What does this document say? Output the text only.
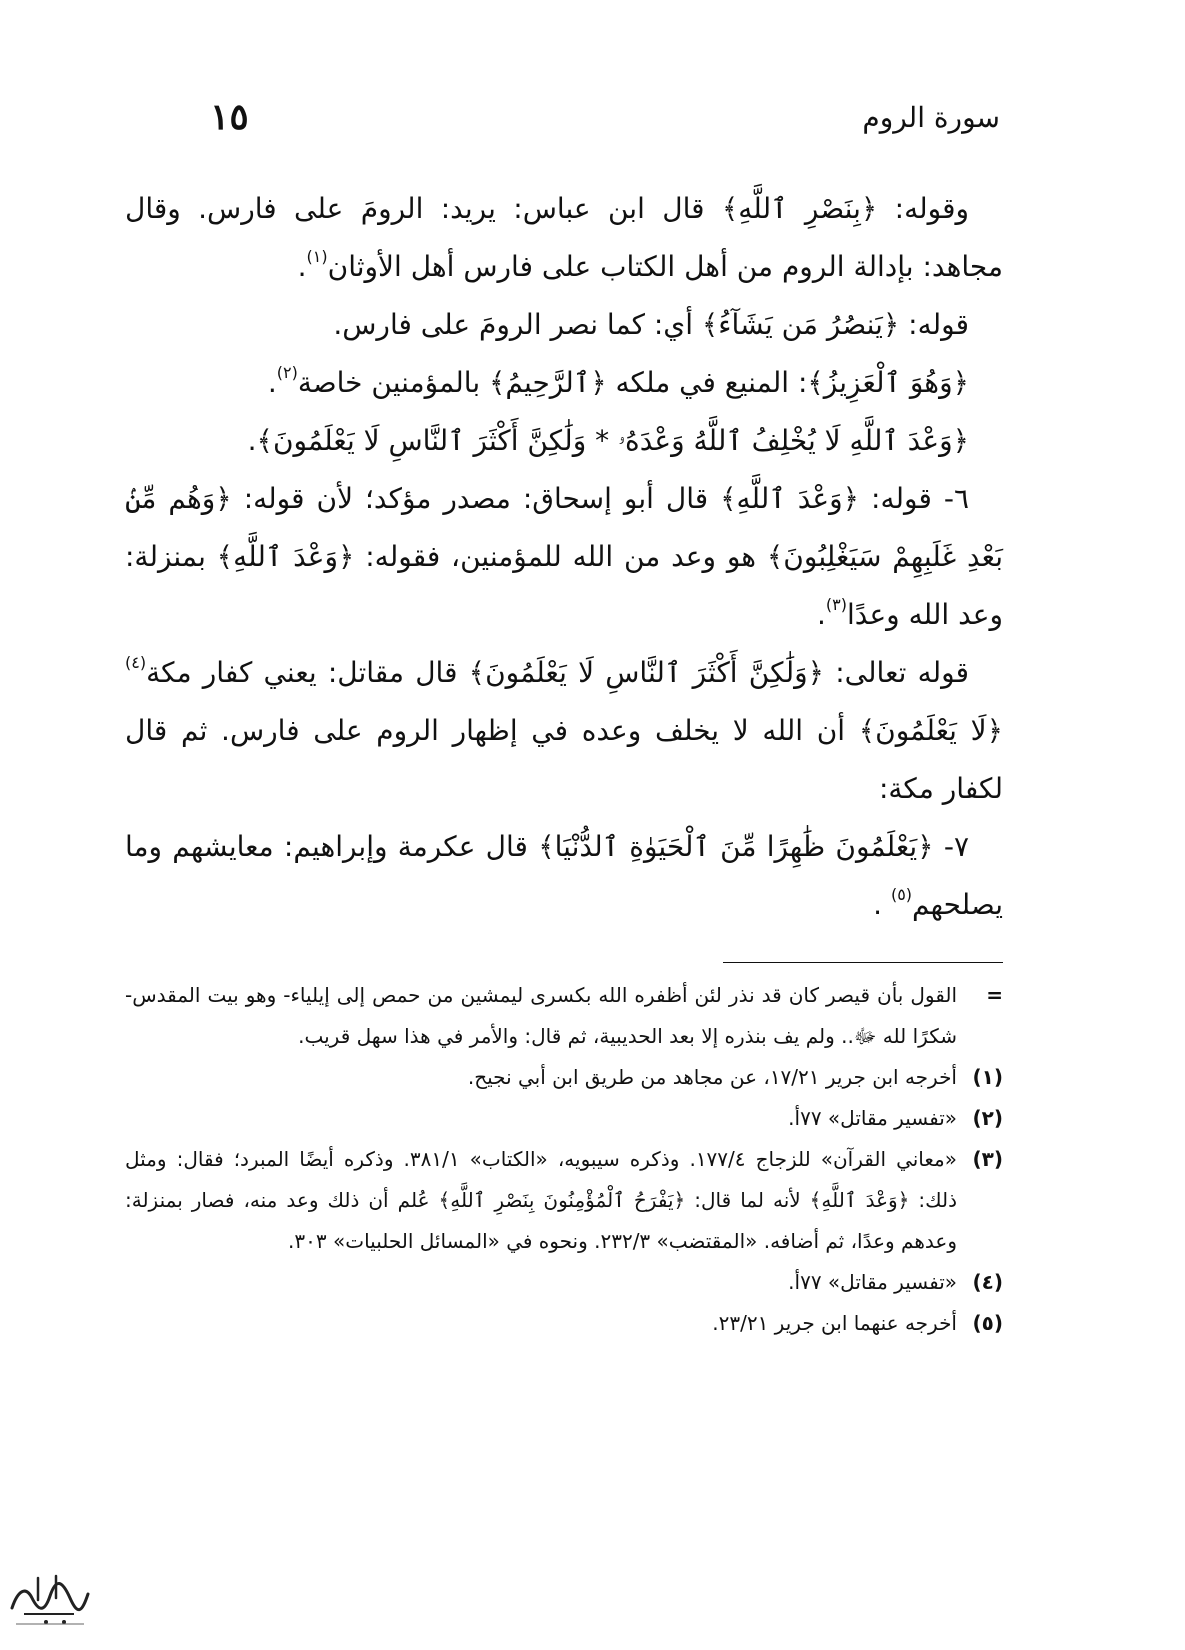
سورة الروم
١٥

وقوله: ﴿بِنَصْرِ ٱللَّهِ﴾ قال ابن عباس: يريد: الرومَ على فارس. وقال مجاهد: بإدالة الروم من أهل الكتاب على فارس أهل الأوثان$^{(١)}$.

قوله: ﴿يَنصُرُ مَن يَشَآءُ﴾ أي: كما نصر الرومَ على فارس.

﴿وَهُوَ ٱلْعَزِيزُ﴾: المنيع في ملكه ﴿ٱلرَّحِيمُ﴾ بالمؤمنين خاصة$^{(٢)}$.

﴿وَعْدَ ٱللَّهِ لَا يُخْلِفُ ٱللَّهُ وَعْدَهُۥ * وَلَٰكِنَّ أَكْثَرَ ٱلنَّاسِ لَا يَعْلَمُونَ﴾.

٦- قوله: ﴿وَعْدَ ٱللَّهِ﴾ قال أبو إسحاق: مصدر مؤكد؛ لأن قوله: ﴿وَهُم مِّنۢ بَعْدِ غَلَبِهِمْ سَيَغْلِبُونَ﴾ هو وعد من الله للمؤمنين، فقوله: ﴿وَعْدَ ٱللَّهِ﴾ بمنزلة: وعد الله وعدًا$^{(٣)}$.

قوله تعالى: ﴿وَلَٰكِنَّ أَكْثَرَ ٱلنَّاسِ لَا يَعْلَمُونَ﴾ قال مقاتل: يعني كفار مكة$^{(٤)}$ ﴿لَا يَعْلَمُونَ﴾ أن الله لا يخلف وعده في إظهار الروم على فارس. ثم قال لكفار مكة:

٧- ﴿يَعْلَمُونَ ظَٰهِرًا مِّنَ ٱلْحَيَوٰةِ ٱلدُّنْيَا﴾ قال عكرمة وإبراهيم: معايشهم وما يصلحهم$^{(٥)}$ .

=
القول بأن قيصر كان قد نذر لئن أظفره الله بكسرى ليمشين من حمص إلى إيلياء- وهو بيت المقدس- شكرًا لله ﷻ.. ولم يف بنذره إلا بعد الحديبية، ثم قال: والأمر في هذا سهل قريب.
(١)
أخرجه ابن جرير ١٧/٢١، عن مجاهد من طريق ابن أبي نجيح.
(٢)
«تفسير مقاتل» ٧٧أ.
(٣)
«معاني القرآن» للزجاج ١٧٧/٤. وذكره سيبويه، «الكتاب» ٣٨١/١. وذكره أيضًا المبرد؛ فقال: ومثل ذلك: ﴿وَعْدَ ٱللَّهِ﴾ لأنه لما قال: ﴿يَفْرَحُ ٱلْمُؤْمِنُونَ بِنَصْرِ ٱللَّهِ﴾ عُلم أن ذلك وعد منه، فصار بمنزلة: وعدهم وعدًا، ثم أضافه. «المقتضب» ٢٣٢/٣. ونحوه في «المسائل الحلبيات» ٣٠٣.
(٤)
«تفسير مقاتل» ٧٧أ.
(٥)
أخرجه عنهما ابن جرير ٢٣/٢١.
